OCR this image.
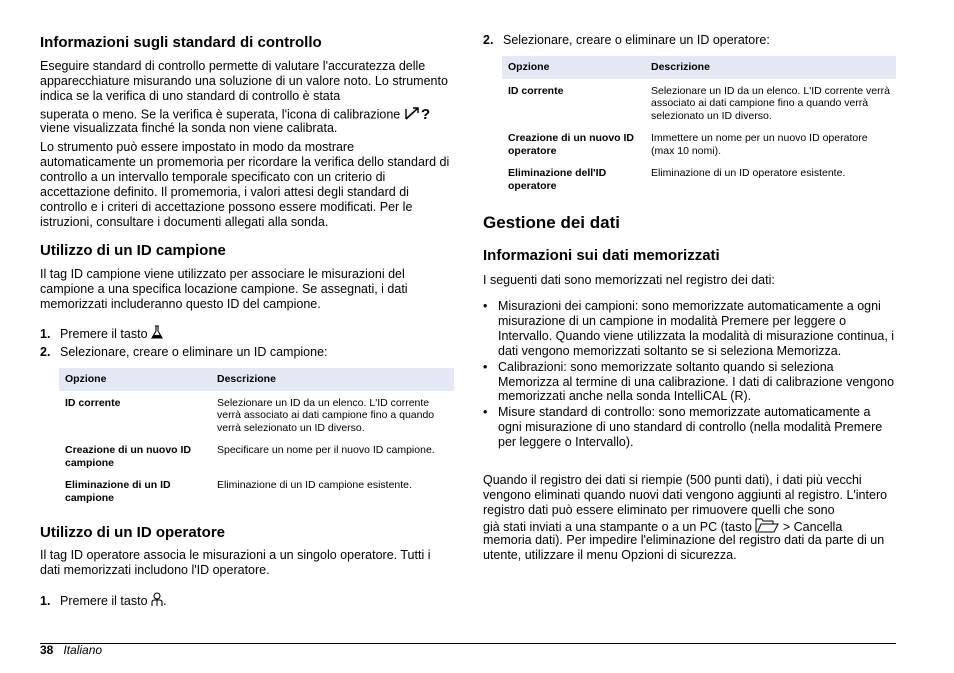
Informazioni sugli standard di controllo

Eseguire standard di controllo permette di valutare l'accuratezza delle apparecchiature misurando una soluzione di un valore noto. Lo strumento indica se la verifica di uno standard di controllo è stata

superata o meno. Se la verifica è superata, l'icona di calibrazione ?

viene visualizzata finché la sonda non viene calibrata.

Lo strumento può essere impostato in modo da mostrare automaticamente un promemoria per ricordare la verifica dello standard di controllo a un intervallo temporale specificato con un criterio di accettazione definito. Il promemoria, i valori attesi degli standard di controllo e i criteri di accettazione possono essere modificati. Per le istruzioni, consultare i documenti allegati alla sonda.

Utilizzo di un ID campione

Il tag ID campione viene utilizzato per associare le misurazioni del campione a una specifica locazione campione. Se assegnati, i dati memorizzati includeranno questo ID del campione.

1. Premere il tasto
2. Selezionare, creare o eliminare un ID campione:
Opzione	Descrizione
ID corrente	Selezionare un ID da un elenco. L'ID corrente verrà associato ai dati campione fino a quando verrà selezionato un ID diverso.
Creazione di un nuovo ID campione	Specificare un nome per il nuovo ID campione.
Eliminazione di un ID campione	Eliminazione di un ID campione esistente.
Utilizzo di un ID operatore

Il tag ID operatore associa le misurazioni a un singolo operatore. Tutti i dati memorizzati includono l'ID operatore.

1. Premere il tasto .
2. Selezionare, creare o eliminare un ID operatore:
Opzione	Descrizione
ID corrente	Selezionare un ID da un elenco. L'ID corrente verrà associato ai dati campione fino a quando verrà selezionato un ID diverso.
Creazione di un nuovo ID operatore	Immettere un nome per un nuovo ID operatore (max 10 nomi).
Eliminazione dell'ID operatore	Eliminazione di un ID operatore esistente.
Gestione dei dati
Informazioni sui dati memorizzati

I seguenti dati sono memorizzati nel registro dei dati:

• Misurazioni dei campioni: sono memorizzate automaticamente a ogni misurazione di un campione in modalità Premere per leggere o Intervallo. Quando viene utilizzata la modalità di misurazione continua, i dati vengono memorizzati soltanto se si seleziona Memorizza.
• Calibrazioni: sono memorizzate soltanto quando si seleziona Memorizza al termine di una calibrazione. I dati di calibrazione vengono memorizzati anche nella sonda IntelliCAL (R).
• Misure standard di controllo: sono memorizzate automaticamente a ogni misurazione di uno standard di controllo (nella modalità Premere per leggere o Intervallo).

Quando il registro dei dati si riempie (500 punti dati), i dati più vecchi vengono eliminati quando nuovi dati vengono aggiunti al registro. L'intero registro dati può essere eliminato per rimuovere quelli che sono

già stati inviati a una stampante o a un PC (tasto > Cancella

memoria dati). Per impedire l'eliminazione del registro dati da parte di un utente, utilizzare il menu Opzioni di sicurezza.

38 Italiano
